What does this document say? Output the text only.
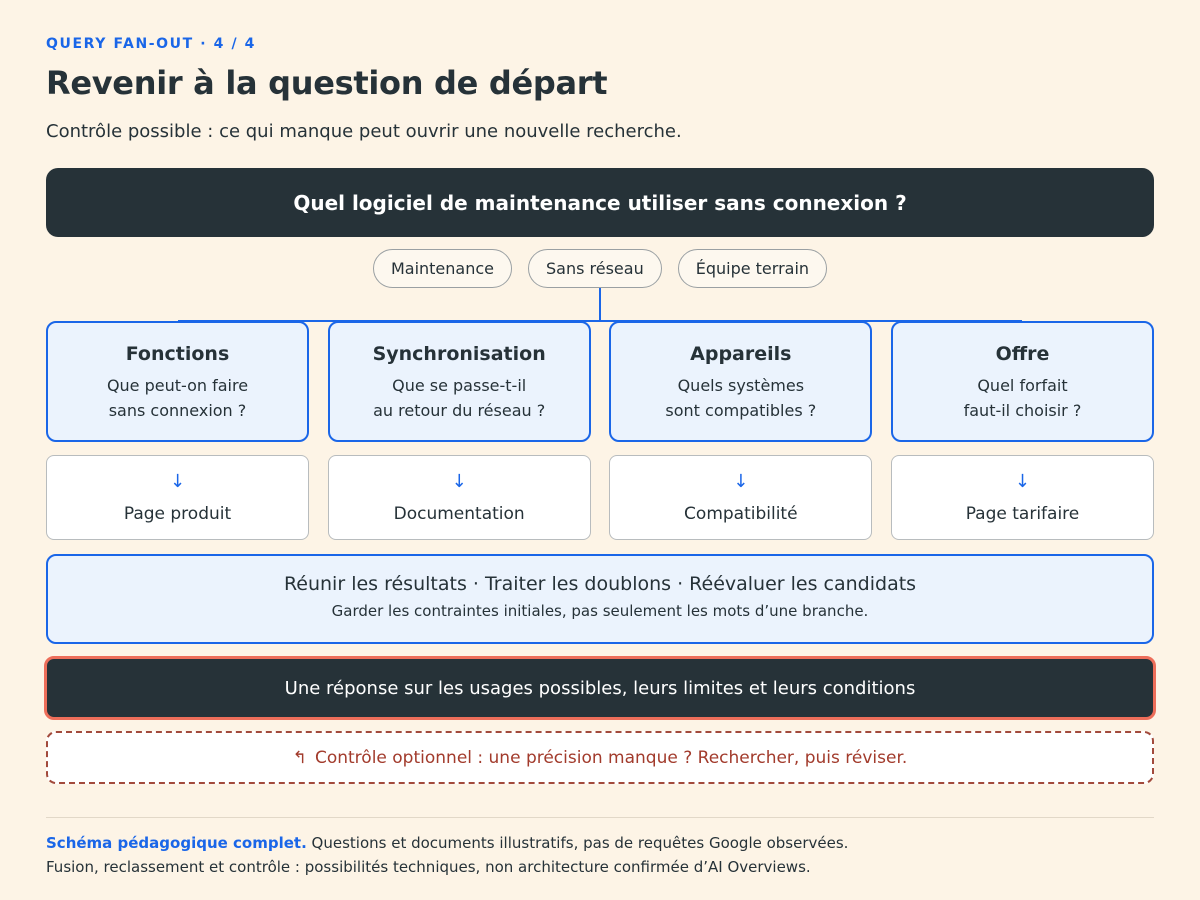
QUERY FAN-OUT · 4 / 4
Revenir à la question de départ
Contrôle possible : ce qui manque peut ouvrir une nouvelle recherche.
Quel logiciel de maintenance utiliser sans connexion ?
Maintenance	Sans réseau	Équipe terrain
Fonctions
Que peut-on faire
sans connexion ?
Synchronisation
Que se passe-t-il
au retour du réseau ?
Appareils
Quels systèmes
sont compatibles ?
Offre
Quel forfait
faut-il choisir ?
↓
Page produit
↓
Documentation
↓
Compatibilité
↓
Page tarifaire
Réunir les résultats · Traiter les doublons · Réévaluer les candidats
Garder les contraintes initiales, pas seulement les mots d’une branche.
Une réponse sur les usages possibles, leurs limites et leurs conditions
↰ Contrôle optionnel : une précision manque ? Rechercher, puis réviser.
Schéma pédagogique complet. Questions et documents illustratifs, pas de requêtes Google observées.
Fusion, reclassement et contrôle : possibilités techniques, non architecture confirmée d’AI Overviews.
